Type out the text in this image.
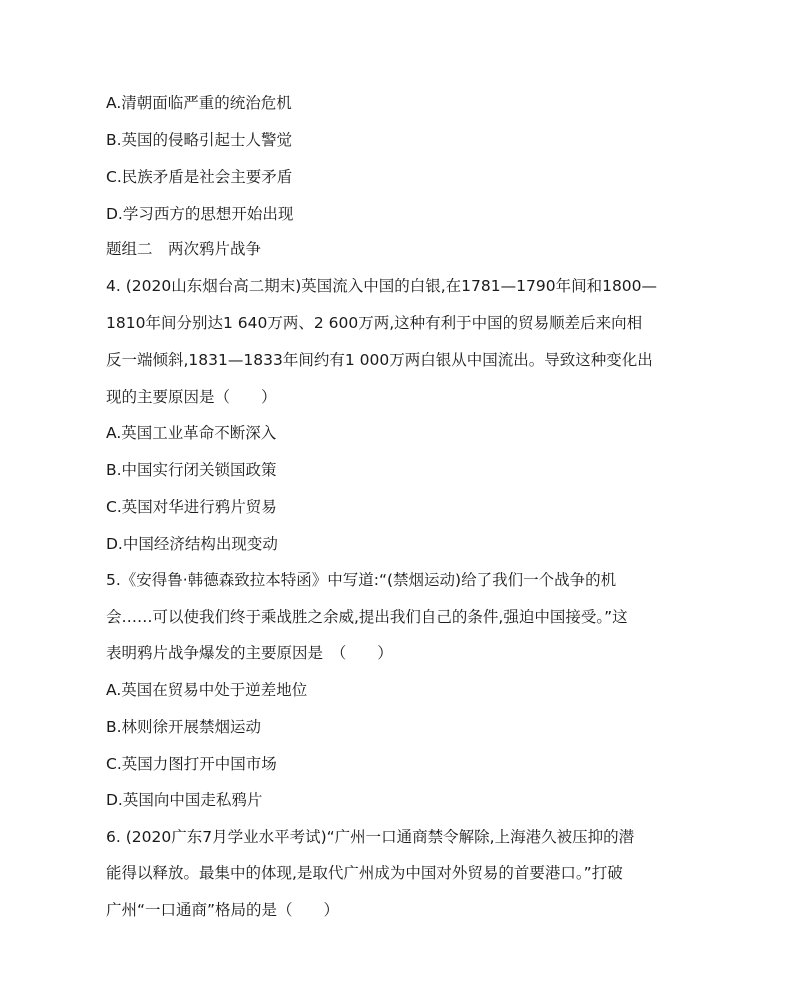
A.清朝面临严重的统治危机
B.英国的侵略引起士人警觉
C.民族矛盾是社会主要矛盾
D.学习西方的思想开始出现
题组二　两次鸦片战争
4. (2020山东烟台高二期末)英国流入中国的白银,在1781—1790年间和1800—
1810年间分别达1 640万两、2 600万两,这种有利于中国的贸易顺差后来向相
反一端倾斜,1831—1833年间约有1 000万两白银从中国流出。导致这种变化出
现的主要原因是（　　）
A.英国工业革命不断深入
B.中国实行闭关锁国政策
C.英国对华进行鸦片贸易
D.中国经济结构出现变动
5.《安得鲁·韩德森致拉本特函》中写道:“(禁烟运动)给了我们一个战争的机
会……可以使我们终于乘战胜之余威,提出我们自己的条件,强迫中国接受。”这
表明鸦片战争爆发的主要原因是　（　　）
A.英国在贸易中处于逆差地位
B.林则徐开展禁烟运动
C.英国力图打开中国市场
D.英国向中国走私鸦片
6. (2020广东7月学业水平考试)“广州一口通商禁令解除,上海港久被压抑的潜
能得以释放。最集中的体现,是取代广州成为中国对外贸易的首要港口。”打破
广州“一口通商”格局的是（　　）
